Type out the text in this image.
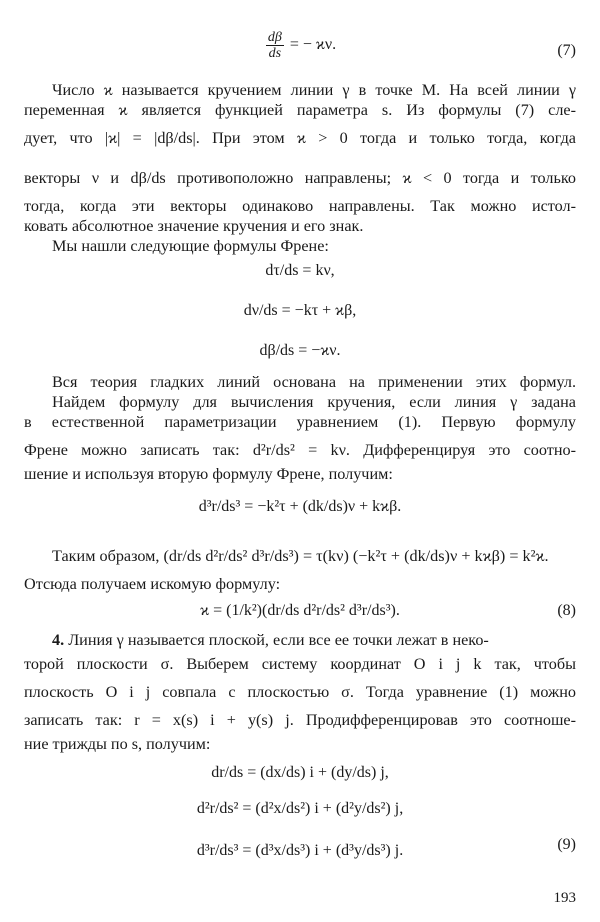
$\frac{d\beta}{ds}$ = − ϰν.	(7)
Число ϰ называется кручением линии γ в точке M. На всей линии γ
переменная ϰ является функцией параметра s. Из формулы (7) сле-
дует, что |ϰ| = |dβ/ds|. При этом ϰ > 0 тогда и только тогда, когда
векторы ν и dβ/ds противоположно направлены; ϰ < 0 тогда и только
тогда, когда эти векторы одинаково направлены. Так можно истол-
ковать абсолютное значение кручения и его знак.
Мы нашли следующие формулы Френе:
dτ/ds = kν,
dν/ds = −kτ + ϰβ,
dβ/ds = −ϰν.
Вся теория гладких линий основана на применении этих формул.
Найдем формулу для вычисления кручения, если линия γ задана
в естественной параметризации уравнением (1). Первую формулу
Френе можно записать так: d²r/ds² = kν. Дифференцируя это соотно-
шение и используя вторую формулу Френе, получим:
d³r/ds³ = −k²τ + (dk/ds)ν + kϰβ.
Таким образом, (dr/ds d²r/ds² d³r/ds³) = τ(kν) (−k²τ + (dk/ds)ν + kϰβ) = k²ϰ.
Отсюда получаем искомую формулу:
ϰ = (1/k²)(dr/ds d²r/ds² d³r/ds³).	(8)
4. Линия γ называется плоской, если все ее точки лежат в неко-
торой плоскости σ. Выберем систему координат O i j k так, чтобы
плоскость O i j совпала с плоскостью σ. Тогда уравнение (1) можно
записать так: r = x(s) i + y(s) j. Продифференцировав это соотноше-
ние трижды по s, получим:
dr/ds = (dx/ds) i + (dy/ds) j,
d²r/ds² = (d²x/ds²) i + (d²y/ds²) j,
d³r/ds³ = (d³x/ds³) i + (d³y/ds³) j.	(9)
193
